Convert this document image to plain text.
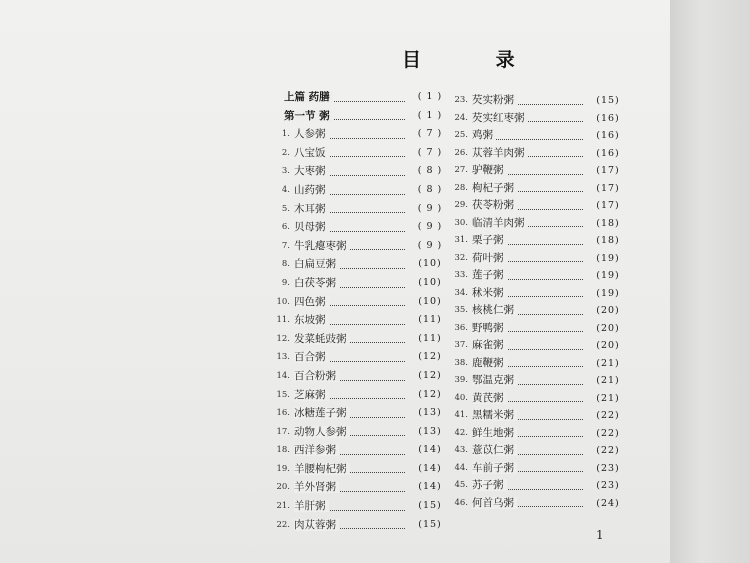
目 录
上篇 药膳	( 1 )
第一节 粥	( 1 )
1. 人参粥	( 7 )
2. 八宝饭	( 7 )
3. 大枣粥	( 8 )
4. 山药粥	( 8 )
5. 木耳粥	( 9 )
6. 贝母粥	( 9 )
7. 牛乳瘪枣粥	( 9 )
8. 白扁豆粥	(10)
9. 白茯苓粥	(10)
10. 四色粥	(10)
11. 东坡粥	(11)
12. 发菜蚝豉粥	(11)
13. 百合粥	(12)
14. 百合粉粥	(12)
15. 芝麻粥	(12)
16. 冰糖莲子粥	(13)
17. 动物人参粥	(13)
18. 西洋参粥	(14)
19. 羊腰枸杞粥	(14)
20. 羊外肾粥	(14)
21. 羊肝粥	(15)
22. 肉苁蓉粥	(15)
23. 芡实粉粥	(15)
24. 芡实红枣粥	(16)
25. 鸡粥	(16)
26. 苁蓉羊肉粥	(16)
27. 驴鞭粥	(17)
28. 枸杞子粥	(17)
29. 茯苓粉粥	(17)
30. 临清羊肉粥	(18)
31. 栗子粥	(18)
32. 荷叶粥	(19)
33. 莲子粥	(19)
34. 秫米粥	(19)
35. 核桃仁粥	(20)
36. 野鸭粥	(20)
37. 麻雀粥	(20)
38. 鹿鞭粥	(21)
39. 鄂温克粥	(21)
40. 黄芪粥	(21)
41. 黑糯米粥	(22)
42. 鲜生地粥	(22)
43. 薏苡仁粥	(22)
44. 车前子粥	(23)
45. 苏子粥	(23)
46. 何首乌粥	(24)
1
